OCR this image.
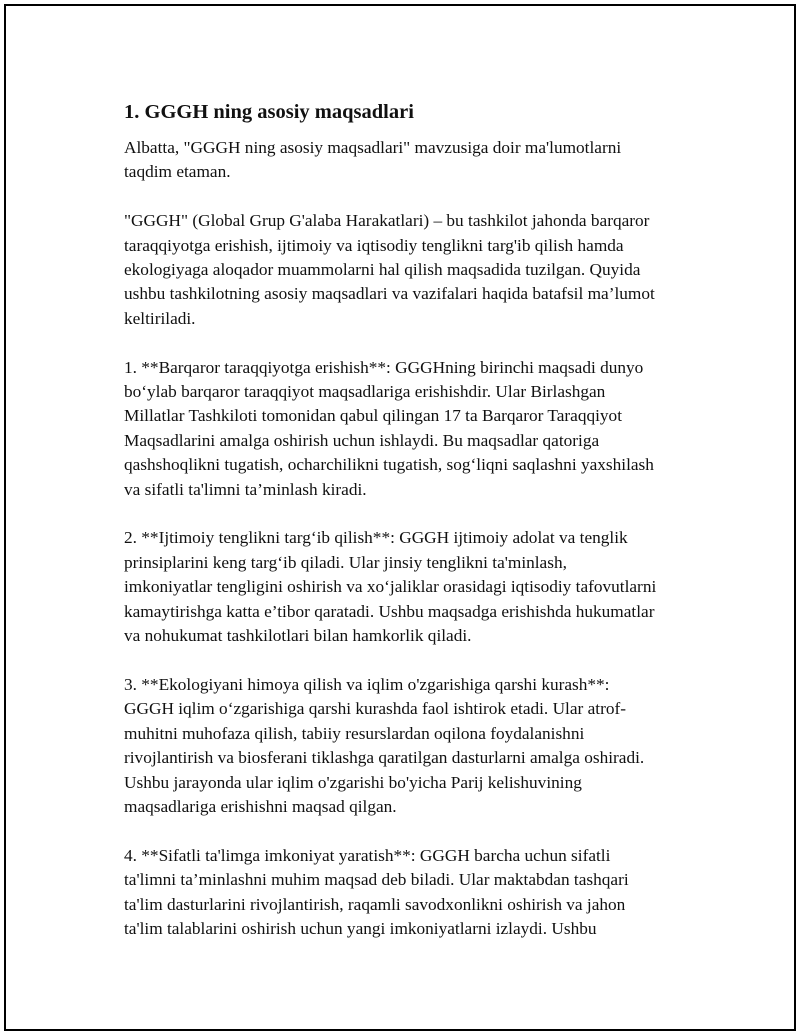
1. GGGH ning asosiy maqsadlari

Albatta, "GGGH ning asosiy maqsadlari" mavzusiga doir ma'lumotlarni
taqdim etaman.

"GGGH" (Global Grup G'alaba Harakatlari) – bu tashkilot jahonda barqaror
taraqqiyotga erishish, ijtimoiy va iqtisodiy tenglikni targ'ib qilish hamda
ekologiyaga aloqador muammolarni hal qilish maqsadida tuzilgan. Quyida
ushbu tashkilotning asosiy maqsadlari va vazifalari haqida batafsil ma’lumot
keltiriladi.

1. **Barqaror taraqqiyotga erishish**: GGGHning birinchi maqsadi dunyo
bo‘ylab barqaror taraqqiyot maqsadlariga erishishdir. Ular Birlashgan
Millatlar Tashkiloti tomonidan qabul qilingan 17 ta Barqaror Taraqqiyot
Maqsadlarini amalga oshirish uchun ishlaydi. Bu maqsadlar qatoriga
qashshoqlikni tugatish, ocharchilikni tugatish, sog‘liqni saqlashni yaxshilash
va sifatli ta'limni ta’minlash kiradi.

2. **Ijtimoiy tenglikni targ‘ib qilish**: GGGH ijtimoiy adolat va tenglik
prinsiplarini keng targ‘ib qiladi. Ular jinsiy tenglikni ta'minlash,
imkoniyatlar tengligini oshirish va xo‘jaliklar orasidagi iqtisodiy tafovutlarni
kamaytirishga katta e’tibor qaratadi. Ushbu maqsadga erishishda hukumatlar
va nohukumat tashkilotlari bilan hamkorlik qiladi.

3. **Ekologiyani himoya qilish va iqlim o'zgarishiga qarshi kurash**:
GGGH iqlim o‘zgarishiga qarshi kurashda faol ishtirok etadi. Ular atrof-
muhitni muhofaza qilish, tabiiy resurslardan oqilona foydalanishni
rivojlantirish va biosferani tiklashga qaratilgan dasturlarni amalga oshiradi.
Ushbu jarayonda ular iqlim o'zgarishi bo'yicha Parij kelishuvining
maqsadlariga erishishni maqsad qilgan.

4. **Sifatli ta'limga imkoniyat yaratish**: GGGH barcha uchun sifatli
ta'limni ta’minlashni muhim maqsad deb biladi. Ular maktabdan tashqari
ta'lim dasturlarini rivojlantirish, raqamli savodxonlikni oshirish va jahon
ta'lim talablarini oshirish uchun yangi imkoniyatlarni izlaydi. Ushbu
